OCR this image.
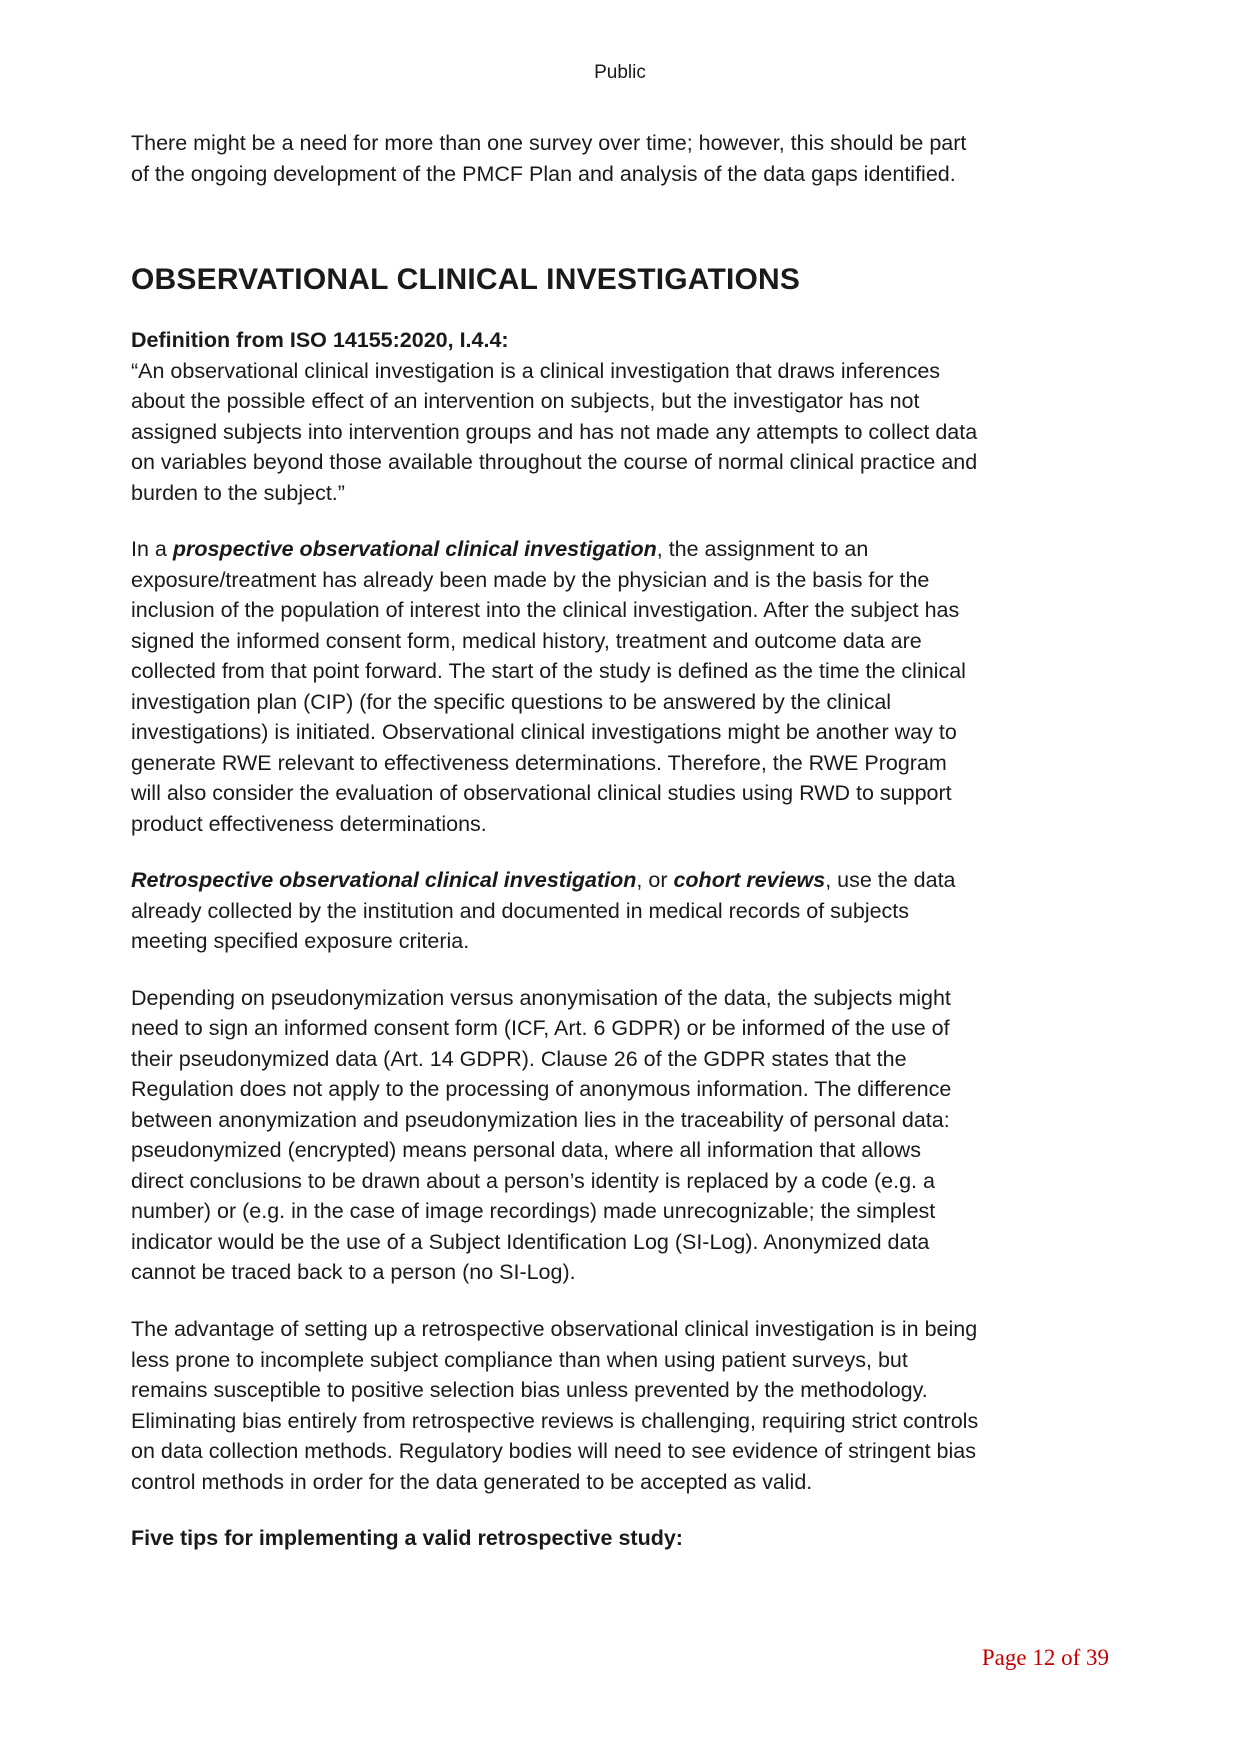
Public

There might be a need for more than one survey over time; however, this should be part of the ongoing development of the PMCF Plan and analysis of the data gaps identified.

OBSERVATIONAL CLINICAL INVESTIGATIONS

Definition from ISO 14155:2020, I.4.4:

“An observational clinical investigation is a clinical investigation that draws inferences about the possible effect of an intervention on subjects, but the investigator has not assigned subjects into intervention groups and has not made any attempts to collect data on variables beyond those available throughout the course of normal clinical practice and burden to the subject.”

In a prospective observational clinical investigation, the assignment to an exposure/treatment has already been made by the physician and is the basis for the inclusion of the population of interest into the clinical investigation. After the subject has signed the informed consent form, medical history, treatment and outcome data are collected from that point forward. The start of the study is defined as the time the clinical investigation plan (CIP) (for the specific questions to be answered by the clinical investigations) is initiated. Observational clinical investigations might be another way to generate RWE relevant to effectiveness determinations. Therefore, the RWE Program will also consider the evaluation of observational clinical studies using RWD to support product effectiveness determinations.

Retrospective observational clinical investigation, or cohort reviews, use the data already collected by the institution and documented in medical records of subjects meeting specified exposure criteria.

Depending on pseudonymization versus anonymisation of the data, the subjects might need to sign an informed consent form (ICF, Art. 6 GDPR) or be informed of the use of their pseudonymized data (Art. 14 GDPR). Clause 26 of the GDPR states that the Regulation does not apply to the processing of anonymous information. The difference between anonymization and pseudonymization lies in the traceability of personal data: pseudonymized (encrypted) means personal data, where all information that allows direct conclusions to be drawn about a person’s identity is replaced by a code (e.g. a number) or (e.g. in the case of image recordings) made unrecognizable; the simplest indicator would be the use of a Subject Identification Log (SI-Log). Anonymized data cannot be traced back to a person (no SI-Log).

The advantage of setting up a retrospective observational clinical investigation is in being less prone to incomplete subject compliance than when using patient surveys, but remains susceptible to positive selection bias unless prevented by the methodology. Eliminating bias entirely from retrospective reviews is challenging, requiring strict controls on data collection methods. Regulatory bodies will need to see evidence of stringent bias control methods in order for the data generated to be accepted as valid.

Five tips for implementing a valid retrospective study:

Page 12 of 39
